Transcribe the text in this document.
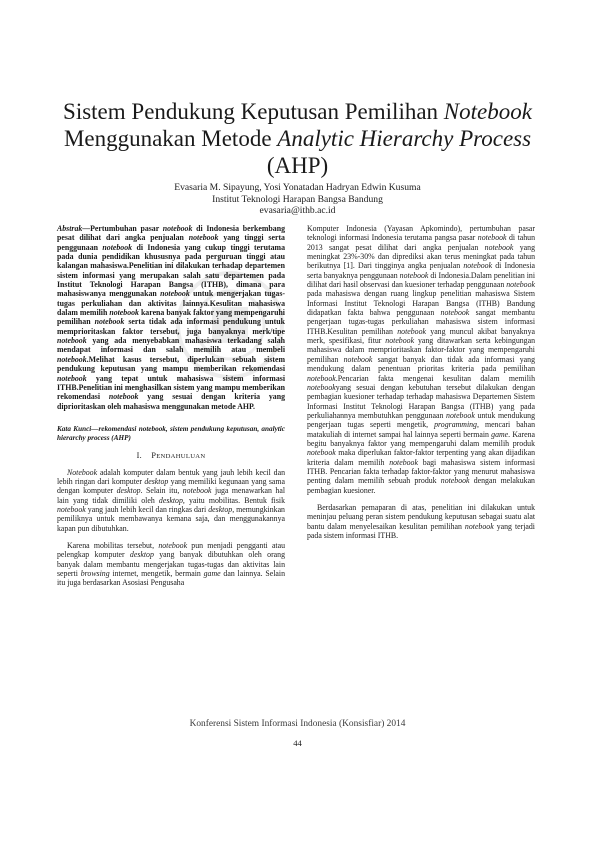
Sistem Pendukung Keputusan Pemilihan Notebook
Menggunakan Metode Analytic Hierarchy Process
(AHP)
Evasaria M. Sipayung, Yosi Yonatadan Hadryan Edwin Kusuma
Institut Teknologi Harapan Bangsa Bandung
evasaria@ithb.ac.id

Abstrak—Pertumbuhan pasar notebook di Indonesia berkembang pesat dilihat dari angka penjualan notebook yang tinggi serta penggunaan notebook di Indonesia yang cukup tinggi terutama pada dunia pendidikan khususnya pada perguruan tinggi atau kalangan mahasiswa.Penelitian ini dilakukan terhadap departemen sistem informasi yang merupakan salah satu departemen pada Institut Teknologi Harapan Bangsa (ITHB), dimana para mahasiswanya menggunakan notebook untuk mengerjakan tugas-tugas perkuliahan dan aktivitas lainnya.Kesulitan mahasiswa dalam memilih notebook karena banyak faktor yang mempengaruhi pemilihan notebook serta tidak ada informasi pendukung untuk memprioritaskan faktor tersebut, juga banyaknya merk/tipe notebook yang ada menyebabkan mahasiswa terkadang salah mendapat informasi dan salah memilih atau membeli notebook.Melihat kasus tersebut, diperlukan sebuah sistem pendukung keputusan yang mampu memberikan rekomendasi notebook yang tepat untuk mahasiswa sistem informasi ITHB.Penelitian ini menghasilkan sistem yang mampu memberikan rekomendasi notebook yang sesuai dengan kriteria yang diprioritaskan oleh mahasiswa menggunakan metode AHP.

Kata Kunci—rekomendasi notebook, sistem pendukung keputusan, analytic hierarchy process (AHP)

I. PENDAHULUAN

Notebook adalah komputer dalam bentuk yang jauh lebih kecil dan lebih ringan dari komputer desktop yang memiliki kegunaan yang sama dengan komputer desktop. Selain itu, notebook juga menawarkan hal lain yang tidak dimiliki oleh desktop, yaitu mobilitas. Bentuk fisik notebook yang jauh lebih kecil dan ringkas dari desktop, memungkinkan pemiliknya untuk membawanya kemana saja, dan menggunakannya kapan pun dibutuhkan.

Karena mobilitas tersebut, notebook pun menjadi pengganti atau pelengkap komputer desktop yang banyak dibutuhkan oleh orang banyak dalam membantu mengerjakan tugas-tugas dan aktivitas lain seperti browsing internet, mengetik, bermain game dan lainnya. Selain itu juga berdasarkan Asosiasi Pengusaha

Komputer Indonesia (Yayasan Apkomindo), pertumbuhan pasar teknologi informasi Indonesia terutama pangsa pasar notebook di tahun 2013 sangat pesat dilihat dari angka penjualan notebook yang meningkat 23%-30% dan diprediksi akan terus meningkat pada tahun berikutnya [1]. Dari tingginya angka penjualan notebook di Indonesia serta banyaknya penggunaan notebook di Indonesia.Dalam penelitian ini dilihat dari hasil observasi dan kuesioner terhadap penggunaan notebook pada mahasiswa dengan ruang lingkup penelitian mahasiswa Sistem Informasi Institut Teknologi Harapan Bangsa (ITHB) Bandung didapatkan fakta bahwa penggunaan notebook sangat membantu pengerjaan tugas-tugas perkuliahan mahasiswa sistem informasi ITHB.Kesulitan pemilihan notebook yang muncul akibat banyaknya merk, spesifikasi, fitur notebook yang ditawarkan serta kebingungan mahasiswa dalam memprioritaskan faktor-faktor yang mempengaruhi pemilihan notebook sangat banyak dan tidak ada informasi yang mendukung dalam penentuan prioritas kriteria pada pemilihan notebook.Pencarian fakta mengenai kesulitan dalam memilih notebookyang sesuai dengan kebutuhan tersebut dilakukan dengan pembagian kuesioner terhadap terhadap mahasiswa Departemen Sistem Informasi Institut Teknologi Harapan Bangsa (ITHB) yang pada perkuliahannya membutuhkan penggunaan notebook untuk mendukung pengerjaan tugas seperti mengetik, programming, mencari bahan matakuliah di internet sampai hal lainnya seperti bermain game. Karena begitu banyaknya faktor yang mempengaruhi dalam memilih produk notebook maka diperlukan faktor-faktor terpenting yang akan dijadikan kriteria dalam memilih notebook bagi mahasiswa sistem informasi ITHB. Pencarian fakta terhadap faktor-faktor yang menurut mahasiswa penting dalam memilih sebuah produk notebook dengan melakukan pembagian kuesioner.

Berdasarkan pemaparan di atas, penelitian ini dilakukan untuk meninjau peluang peran sistem pendukung keputusan sebagai suatu alat bantu dalam menyelesaikan kesulitan pemilihan notebook yang terjadi pada sistem informasi ITHB.

Konferensi Sistem Informasi Indonesia (Konsisfiar) 2014
44
